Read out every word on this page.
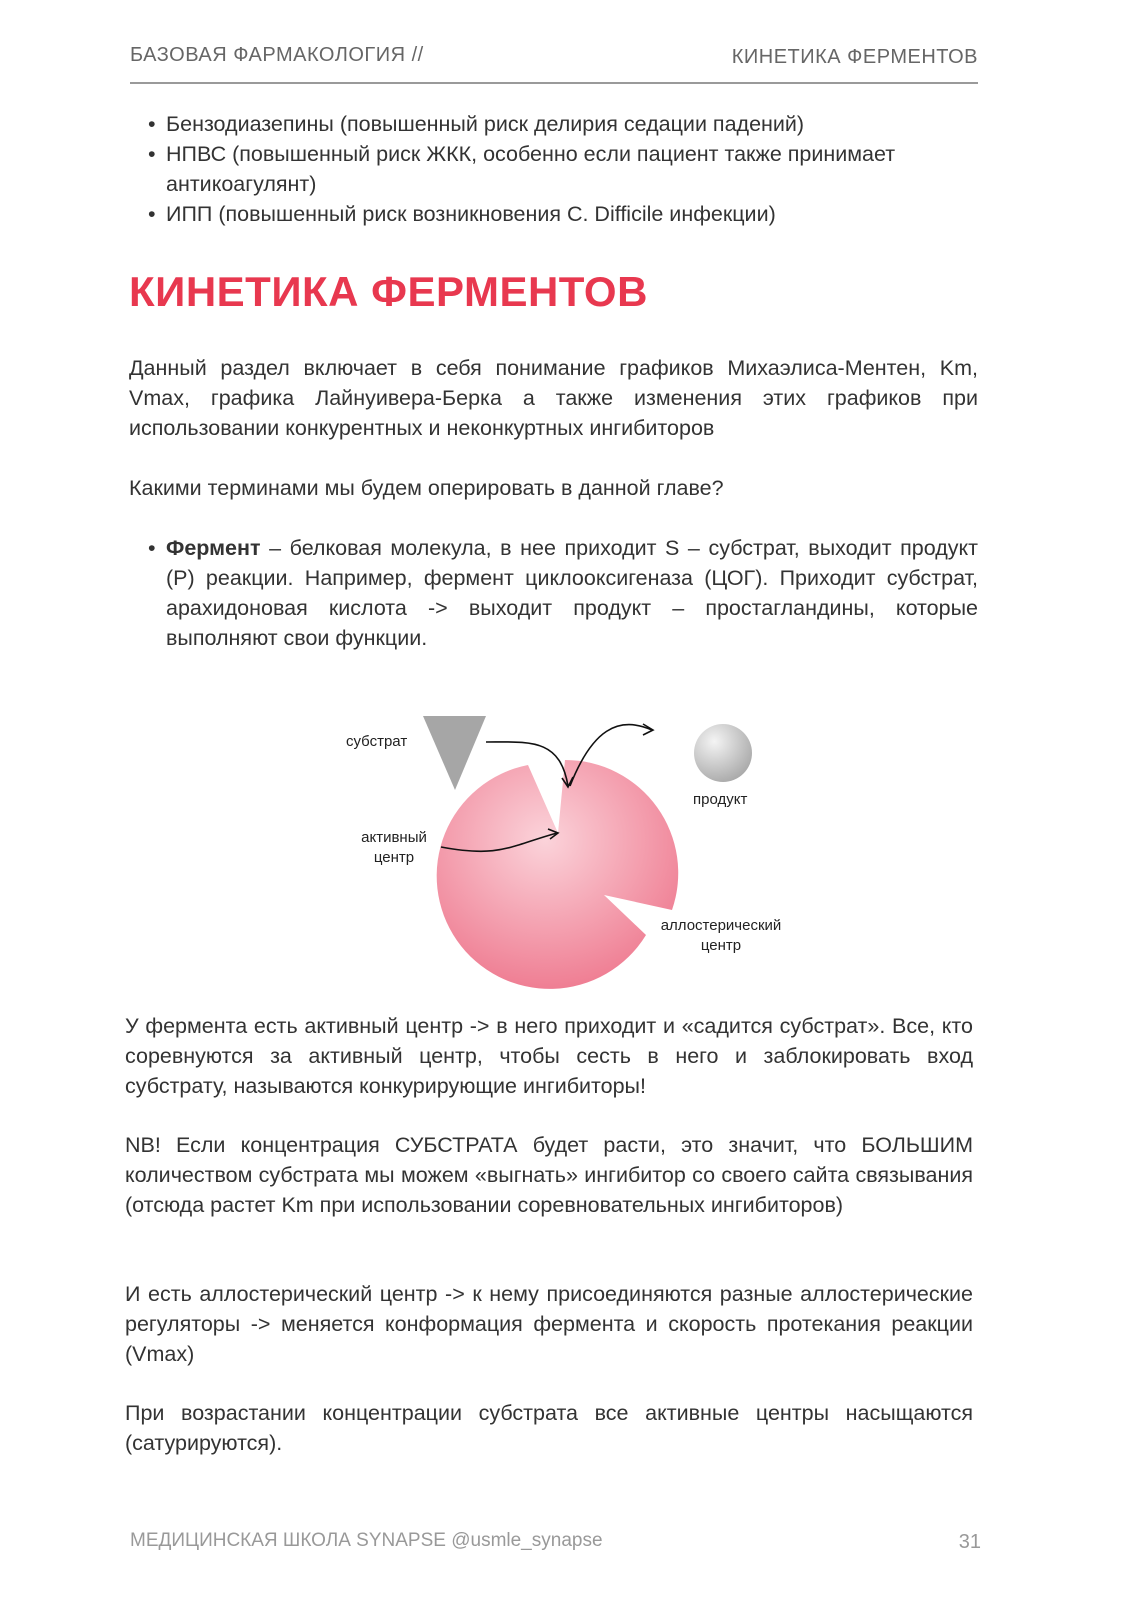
БАЗОВАЯ ФАРМАКОЛОГИЯ //	КИНЕТИКА ФЕРМЕНТОВ
• Бензодиазепины (повышенный риск делирия седации падений)
• НПВС (повышенный риск ЖКК, особенно если пациент также принимает антикоагулянт)
• ИПП (повышенный риск возникновения C. Difficile инфекции)
КИНЕТИКА ФЕРМЕНТОВ

Данный раздел включает в себя понимание графиков Михаэлиса-Ментен, Km, Vmax, графика Лайнуивера-Берка а также изменения этих графиков при использовании конкурентных и неконкуртных ингибиторов

Какими терминами мы будем оперировать в данной главе?

• Фермент – белковая молекула, в нее приходит S – субстрат, выходит продукт (P) реакции. Например, фермент циклооксигеназа (ЦОГ). Приходит субстрат, арахидоновая кислота -> выходит продукт – простагландины, которые выполняют свои функции.
субстрат
активный
центр
продукт
аллостерический
центр

У фермента есть активный центр -> в него приходит и «садится субстрат». Все, кто соревнуются за активный центр, чтобы сесть в него и заблокировать вход субстрату, называются конкурирующие ингибиторы!

NB! Если концентрация СУБСТРАТА будет расти, это значит, что БОЛЬШИМ количеством субстрата мы можем «выгнать» ингибитор со своего сайта связывания (отсюда растет Km при использовании соревновательных ингибиторов)

И есть аллостерический центр -> к нему присоединяются разные аллостерические регуляторы -> меняется конформация фермента и скорость протекания реакции (Vmax)

При возрастании концентрации субстрата все активные центры насыщаются (сатурируются).

МЕДИЦИНСКАЯ ШКОЛА SYNAPSE @usmle_synapse	31
